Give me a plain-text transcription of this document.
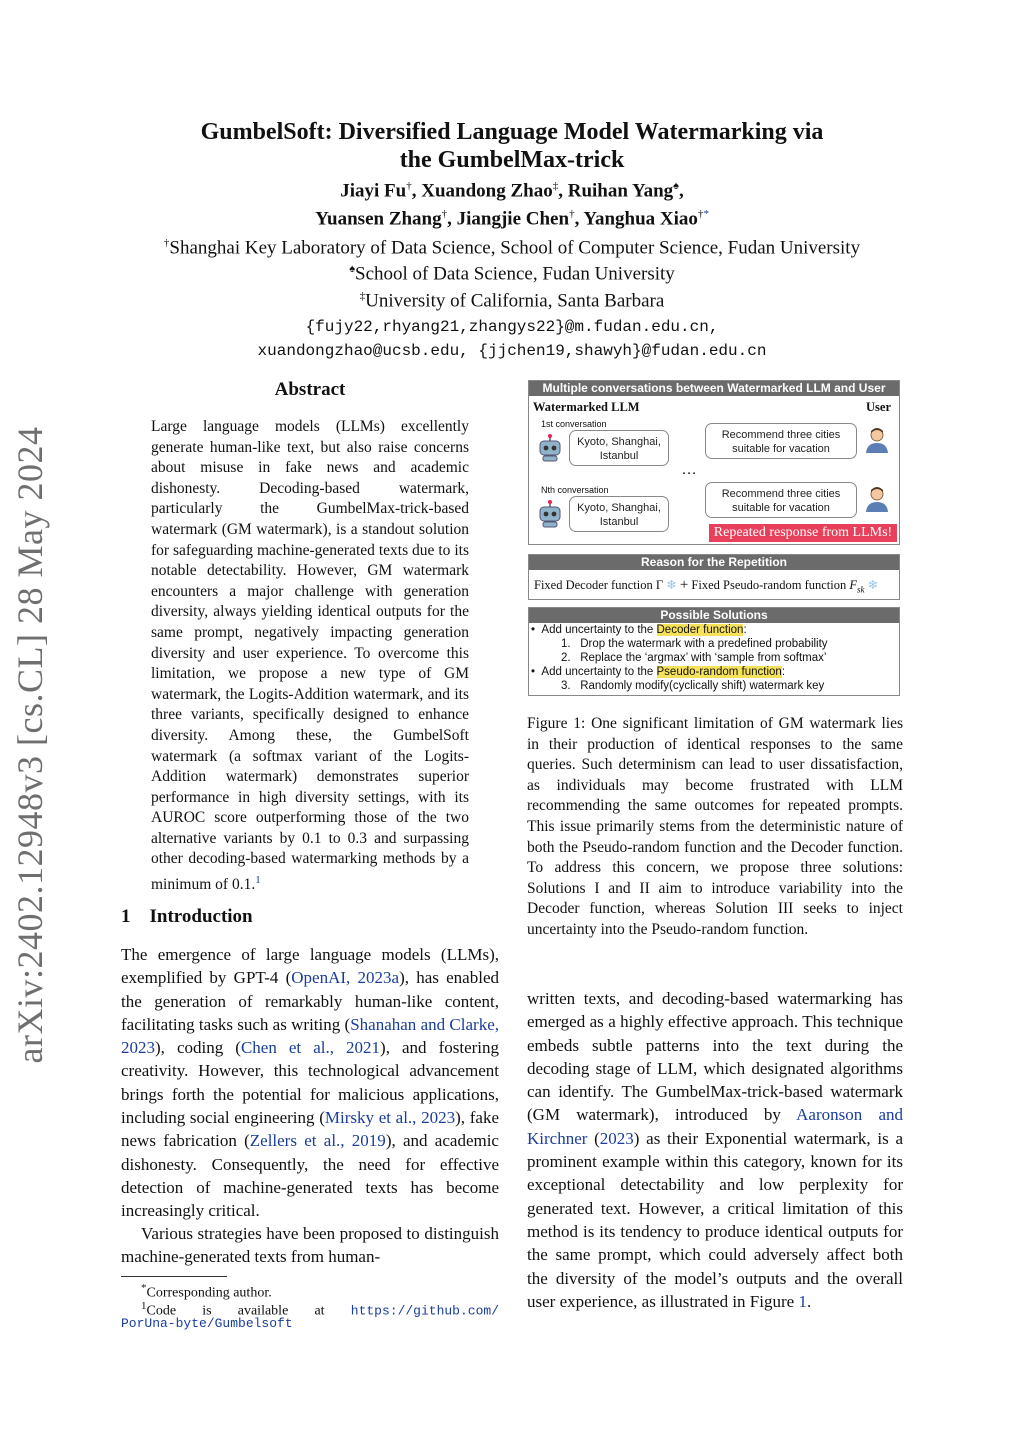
arXiv:2402.12948v3 [cs.CL] 28 May 2024
GumbelSoft: Diversified Language Model Watermarking via
the GumbelMax-trick
Jiayi Fu†, Xuandong Zhao‡, Ruihan Yang♠,
Yuansen Zhang†, Jiangjie Chen†, Yanghua Xiao†*
†Shanghai Key Laboratory of Data Science, School of Computer Science, Fudan University
♠School of Data Science, Fudan University
‡University of California, Santa Barbara
{fujy22,rhyang21,zhangys22}@m.fudan.edu.cn,
xuandongzhao@ucsb.edu, {jjchen19,shawyh}@fudan.edu.cn
Abstract
Large language models (LLMs) excellently generate human-like text, but also raise concerns about misuse in fake news and academic dishonesty. Decoding-based watermark, particularly the GumbelMax-trick-based watermark (GM watermark), is a standout solution for safeguarding machine-generated texts due to its notable detectability. However, GM watermark encounters a major challenge with generation diversity, always yielding identical outputs for the same prompt, negatively impacting generation diversity and user experience. To overcome this limitation, we propose a new type of GM watermark, the Logits-Addition watermark, and its three variants, specifically designed to enhance diversity. Among these, the GumbelSoft watermark (a softmax variant of the Logits-Addition watermark) demonstrates superior performance in high diversity settings, with its AUROC score outperforming those of the two alternative variants by 0.1 to 0.3 and surpassing other decoding-based watermarking methods by a minimum of 0.1.$^1$
1 Introduction
The emergence of large language models (LLMs), exemplified by GPT-4 (OpenAI, 2023a), has enabled the generation of remarkably human-like content, facilitating tasks such as writing (Shanahan and Clarke, 2023), coding (Chen et al., 2021), and fostering creativity. However, this technological advancement brings forth the potential for malicious applications, including social engineering (Mirsky et al., 2023), fake news fabrication (Zellers et al., 2019), and academic dishonesty. Consequently, the need for effective detection of machine-generated texts has become increasingly critical.
Various strategies have been proposed to distinguish machine-generated texts from human-
*Corresponding author.
$^1$Code is available at https://github.com/
PorUna-byte/Gumbelsoft
Multiple conversations between Watermarked LLM and User
Watermarked LLM	User
1st conversation
Nth conversation
Kyoto, Shanghai, Istanbul
Kyoto, Shanghai, Istanbul
…
Recommend three cities suitable for vacation
Recommend three cities suitable for vacation
Repeated response from LLMs!
Reason for the Repetition
Fixed Decoder function Γ ❄ + Fixed Pseudo-random function $F_{sk}$ ❄
Possible Solutions
•  Add uncertainty to the Decoder function:
1. Drop the watermark with a predefined probability
2. Replace the ‘argmax’ with ‘sample from softmax’
•  Add uncertainty to the Pseudo-random function:
3. Randomly modify(cyclically shift) watermark key
Figure 1: One significant limitation of GM watermark lies in their production of identical responses to the same queries. Such determinism can lead to user dissatisfaction, as individuals may become frustrated with LLM recommending the same outcomes for repeated prompts. This issue primarily stems from the deterministic nature of both the Pseudo-random function and the Decoder function. To address this concern, we propose three solutions: Solutions I and II aim to introduce variability into the Decoder function, whereas Solution III seeks to inject uncertainty into the Pseudo-random function.
written texts, and decoding-based watermarking has emerged as a highly effective approach. This technique embeds subtle patterns into the text during the decoding stage of LLM, which designated algorithms can identify. The GumbelMax-trick-based watermark (GM watermark), introduced by Aaronson and Kirchner (2023) as their Exponential watermark, is a prominent example within this category, known for its exceptional detectability and low perplexity for generated text. However, a critical limitation of this method is its tendency to produce identical outputs for the same prompt, which could adversely affect both the diversity of the model’s outputs and the overall user experience, as illustrated in Figure 1.
